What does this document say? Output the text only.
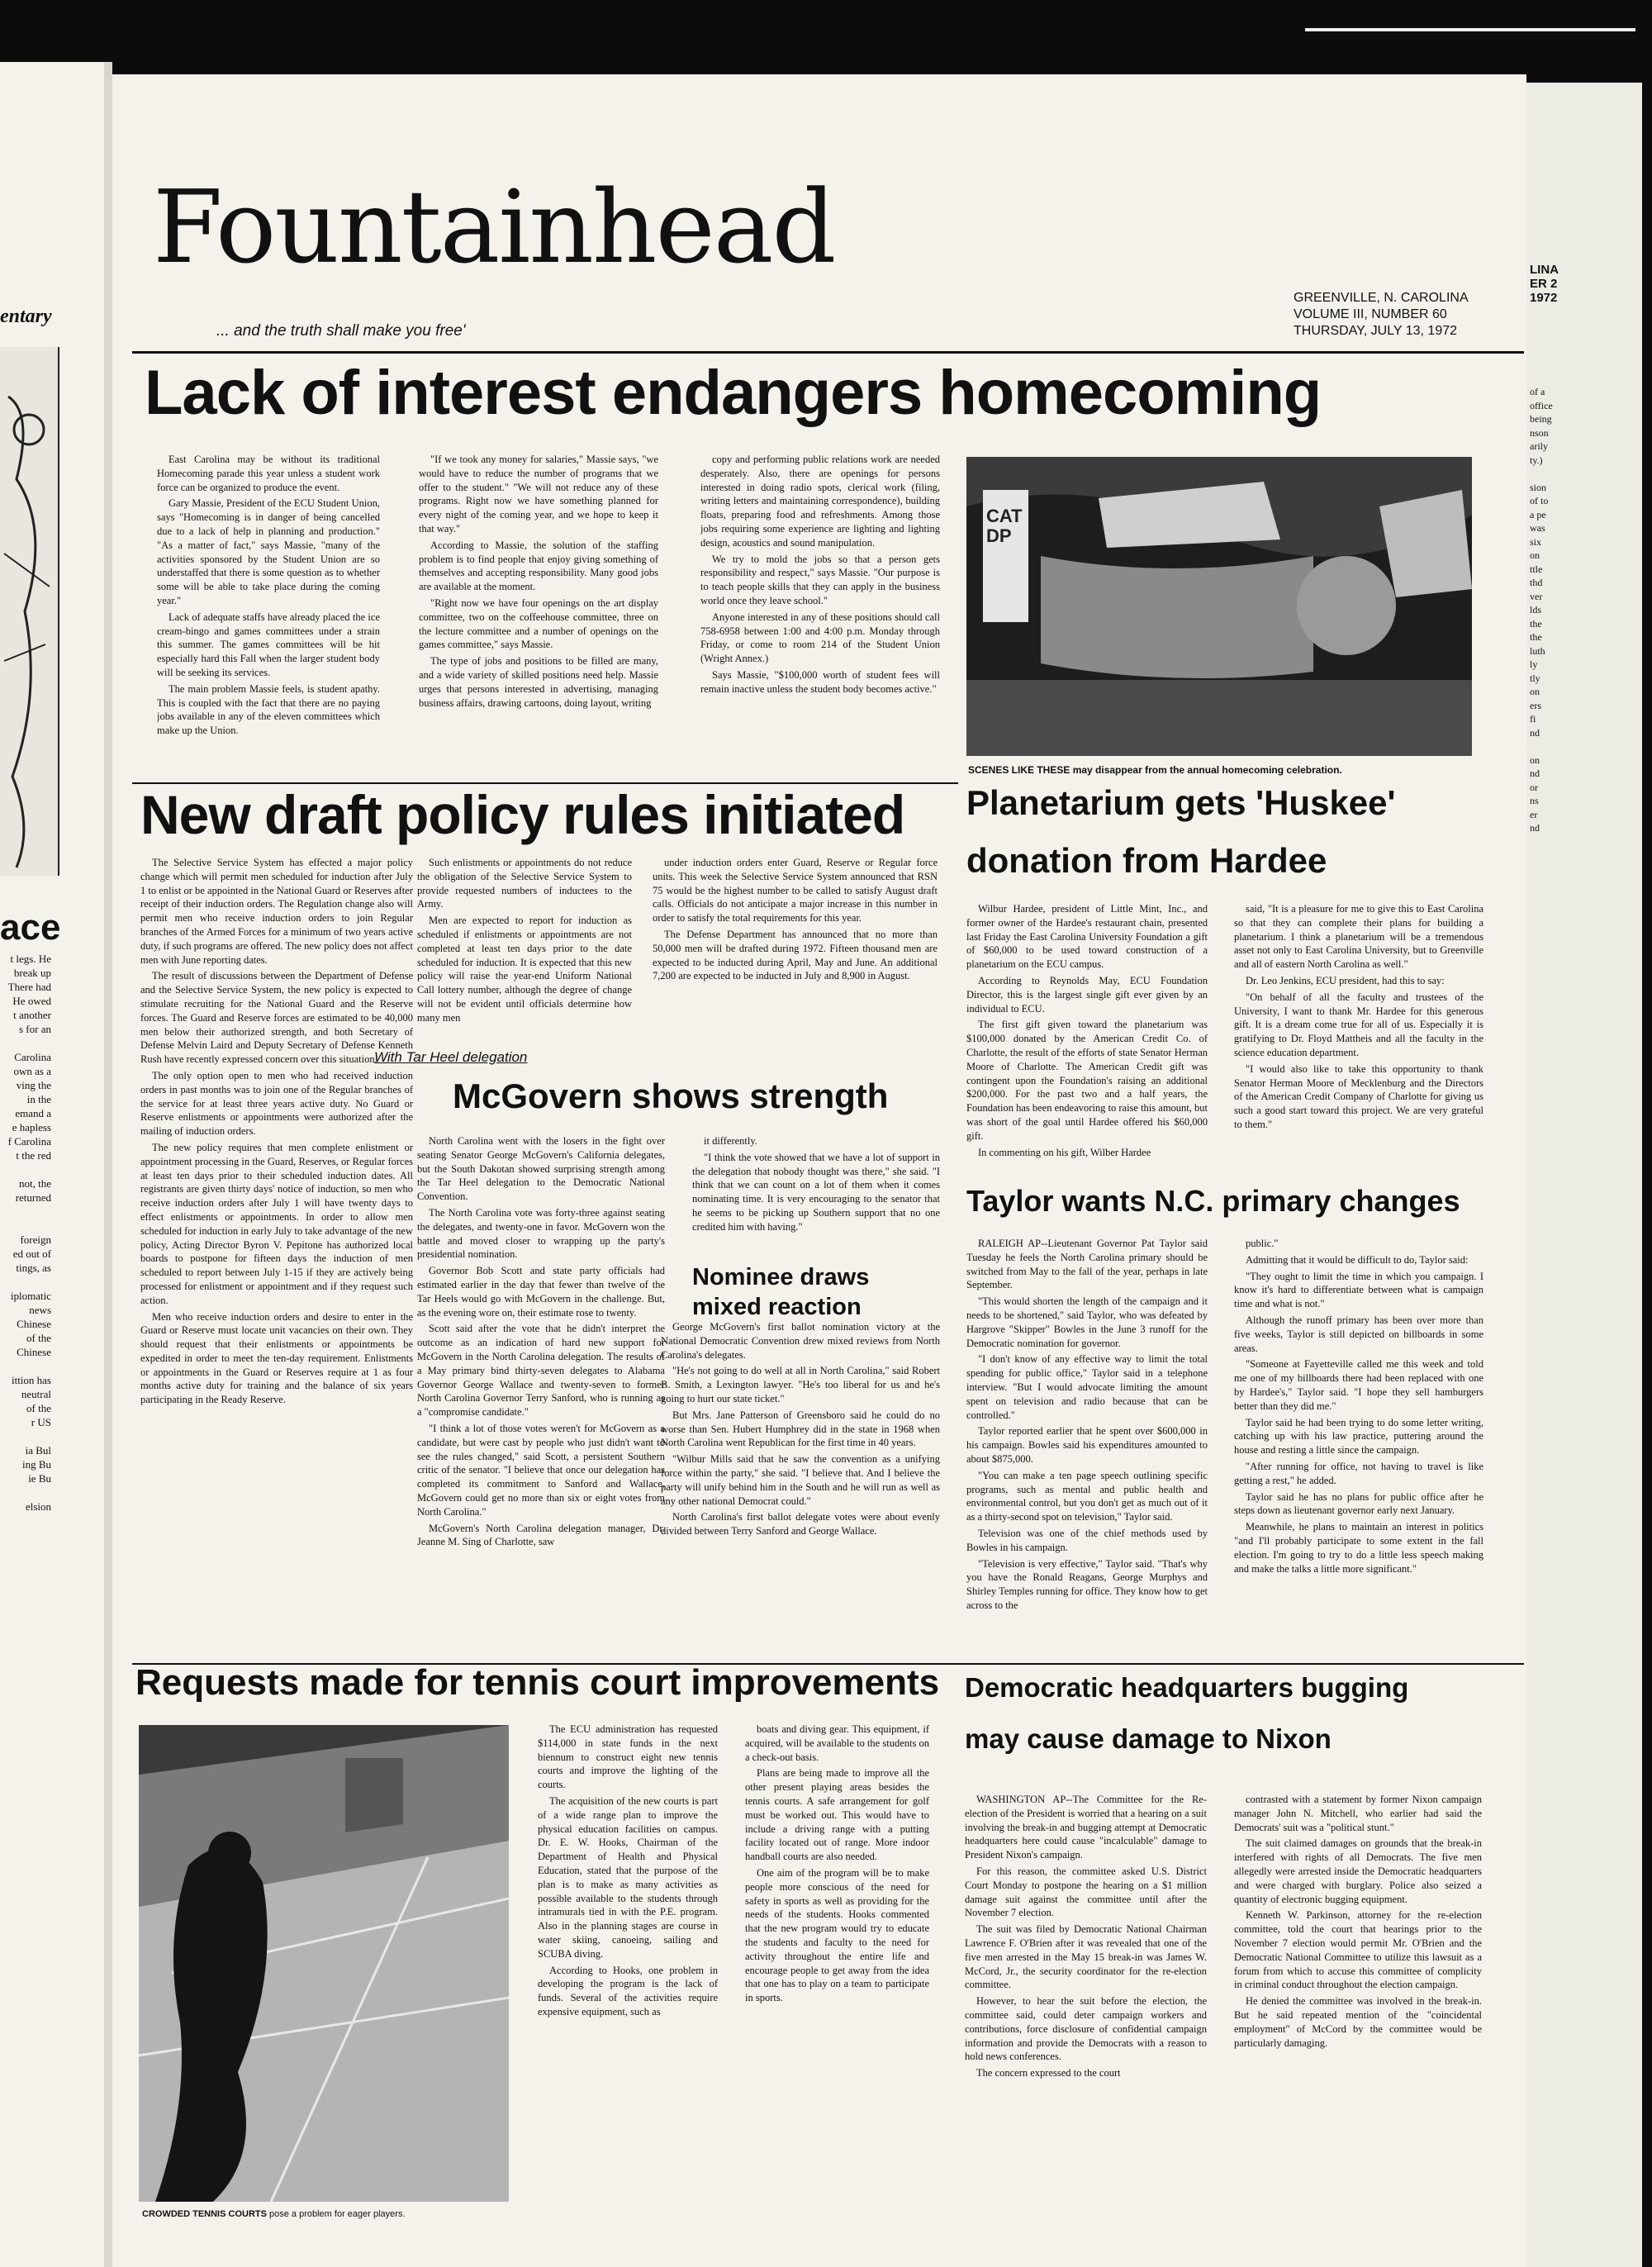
entary
ace
t legs. He
break up
There had
He owed
t another
s for an

Carolina
own as a
ving the
in the
emand a
e hapless
f Carolina
t the red

not, the
returned

foreign
ed out of
tings, as

iplomatic
news
Chinese
of the
Chinese

ittion has
neutral
of the
r US

ia Bul
ing Bu
ie Bu

elsion
LINA
ER 2
1972
of a
office
being
nson
arily
ty.)

sion
of to
a pe
was
six
on
ttle
thd
ver
lds
the
the
luth
ly
tly
on
ers
fi
nd

on
nd
or
ns
er
nd
Fountainhead
... and the truth shall make you free'
GREENVILLE, N. CAROLINA
VOLUME III, NUMBER 60
THURSDAY, JULY 13, 1972
Lack of interest endangers homecoming

East Carolina may be without its traditional Homecoming parade this year unless a student work force can be organized to produce the event.

Gary Massie, President of the ECU Student Union, says "Homecoming is in danger of being cancelled due to a lack of help in planning and production." "As a matter of fact," says Massie, "many of the activities sponsored by the Student Union are so understaffed that there is some question as to whether some will be able to take place during the coming year."

Lack of adequate staffs have already placed the ice cream-bingo and games committees under a strain this summer. The games committees will be hit especially hard this Fall when the larger student body will be seeking its services.

The main problem Massie feels, is student apathy. This is coupled with the fact that there are no paying jobs available in any of the eleven committees which make up the Union.

"If we took any money for salaries," Massie says, "we would have to reduce the number of programs that we offer to the student." "We will not reduce any of these programs. Right now we have something planned for every night of the coming year, and we hope to keep it that way."

According to Massie, the solution of the staffing problem is to find people that enjoy giving something of themselves and accepting responsibility. Many good jobs are available at the moment.

"Right now we have four openings on the art display committee, two on the coffeehouse committee, three on the lecture committee and a number of openings on the games committee," says Massie.

The type of jobs and positions to be filled are many, and a wide variety of skilled positions need help. Massie urges that persons interested in advertising, managing business affairs, drawing cartoons, doing layout, writing

copy and performing public relations work are needed desperately. Also, there are openings for persons interested in doing radio spots, clerical work (filing, writing letters and maintaining correspondence), building floats, preparing food and refreshments. Among those jobs requiring some experience are lighting and lighting design, acoustics and sound manipulation.

We try to mold the jobs so that a person gets responsibility and respect," says Massie. "Our purpose is to teach people skills that they can apply in the business world once they leave school."

Anyone interested in any of these positions should call 758-6958 between 1:00 and 4:00 p.m. Monday through Friday, or come to room 214 of the Student Union (Wright Annex.)

Says Massie, "$100,000 worth of student fees will remain inactive unless the student body becomes active."

CATDP
SCENES LIKE THESE may disappear from the annual homecoming celebration.
New draft policy rules initiated

The Selective Service System has effected a major policy change which will permit men scheduled for induction after July 1 to enlist or be appointed in the National Guard or Reserves after receipt of their induction orders. The Regulation change also will permit men who receive induction orders to join Regular branches of the Armed Forces for a minimum of two years active duty, if such programs are offered. The new policy does not affect men with June reporting dates.

The result of discussions between the Department of Defense and the Selective Service System, the new policy is expected to stimulate recruiting for the National Guard and the Reserve forces. The Guard and Reserve forces are estimated to be 40,000 men below their authorized strength, and both Secretary of Defense Melvin Laird and Deputy Secretary of Defense Kenneth Rush have recently expressed concern over this situation.

The only option open to men who had received induction orders in past months was to join one of the Regular branches of the service for at least three years active duty. No Guard or Reserve enlistments or appointments were authorized after the mailing of induction orders.

The new policy requires that men complete enlistment or appointment processing in the Guard, Reserves, or Regular forces at least ten days prior to their scheduled induction dates. All registrants are given thirty days' notice of induction, so men who receive induction orders after July 1 will have twenty days to effect enlistments or appointments. In order to allow men scheduled for induction in early July to take advantage of the new policy, Acting Director Byron V. Pepitone has authorized local boards to postpone for fifteen days the induction of men scheduled to report between July 1-15 if they are actively being processed for enlistment or appointment and if they request such action.

Men who receive induction orders and desire to enter in the Guard or Reserve must locate unit vacancies on their own. They should request that their enlistments or appointments be expedited in order to meet the ten-day requirement. Enlistments or appointments in the Guard or Reserves require at 1 as four months active duty for training and the balance of six years participating in the Ready Reserve.

Such enlistments or appointments do not reduce the obligation of the Selective Service System to provide requested numbers of inductees to the Army.

Men are expected to report for induction as scheduled if enlistments or appointments are not completed at least ten days prior to the date scheduled for induction. It is expected that this new policy will raise the year-end Uniform National Call lottery number, although the degree of change will not be evident until officials determine how many men

under induction orders enter Guard, Reserve or Regular force units. This week the Selective Service System announced that RSN 75 would be the highest number to be called to satisfy August draft calls. Officials do not anticipate a major increase in this number in order to satisfy the total requirements for this year.

The Defense Department has announced that no more than 50,000 men will be drafted during 1972. Fifteen thousand men are expected to be inducted during April, May and June. An additional 7,200 are expected to be inducted in July and 8,900 in August.

With Tar Heel delegation
McGovern shows strength

North Carolina went with the losers in the fight over seating Senator George McGovern's California delegates, but the South Dakotan showed surprising strength among the Tar Heel delegation to the Democratic National Convention.

The North Carolina vote was forty-three against seating the delegates, and twenty-one in favor. McGovern won the battle and moved closer to wrapping up the party's presidential nomination.

Governor Bob Scott and state party officials had estimated earlier in the day that fewer than twelve of the Tar Heels would go with McGovern in the challenge. But, as the evening wore on, their estimate rose to twenty.

Scott said after the vote that he didn't interpret the outcome as an indication of hard new support for McGovern in the North Carolina delegation. The results of a May primary bind thirty-seven delegates to Alabama Governor George Wallace and twenty-seven to former North Carolina Governor Terry Sanford, who is running as a "compromise candidate."

"I think a lot of those votes weren't for McGovern as a candidate, but were cast by people who just didn't want to see the rules changed," said Scott, a persistent Southern critic of the senator. "I believe that once our delegation has completed its commitment to Sanford and Wallace, McGovern could get no more than six or eight votes from North Carolina."

McGovern's North Carolina delegation manager, Dr. Jeanne M. Sing of Charlotte, saw

it differently.

"I think the vote showed that we have a lot of support in the delegation that nobody thought was there," she said. "I think that we can count on a lot of them when it comes nominating time. It is very encouraging to the senator that he seems to be picking up Southern support that no one credited him with having."

Nominee draws mixed reaction

George McGovern's first ballot nomination victory at the National Democratic Convention drew mixed reviews from North Carolina's delegates.

"He's not going to do well at all in North Carolina," said Robert B. Smith, a Lexington lawyer. "He's too liberal for us and he's going to hurt our state ticket."

But Mrs. Jane Patterson of Greensboro said he could do no worse than Sen. Hubert Humphrey did in the state in 1968 when North Carolina went Republican for the first time in 40 years.

"Wilbur Mills said that he saw the convention as a unifying force within the party," she said. "I believe that. And I believe the party will unify behind him in the South and he will run as well as any other national Democrat could."

North Carolina's first ballot delegate votes were about evenly divided between Terry Sanford and George Wallace.

Planetarium gets 'Huskee'
donation from Hardee

Wilbur Hardee, president of Little Mint, Inc., and former owner of the Hardee's restaurant chain, presented last Friday the East Carolina University Foundation a gift of $60,000 to be used toward construction of a planetarium on the ECU campus.

According to Reynolds May, ECU Foundation Director, this is the largest single gift ever given by an individual to ECU.

The first gift given toward the planetarium was $100,000 donated by the American Credit Co. of Charlotte, the result of the efforts of state Senator Herman Moore of Charlotte. The American Credit gift was contingent upon the Foundation's raising an additional $200,000. For the past two and a half years, the Foundation has been endeavoring to raise this amount, but was short of the goal until Hardee offered his $60,000 gift.

In commenting on his gift, Wilber Hardee

said, "It is a pleasure for me to give this to East Carolina so that they can complete their plans for building a planetarium. I think a planetarium will be a tremendous asset not only to East Carolina University, but to Greenville and all of eastern North Carolina as well."

Dr. Leo Jenkins, ECU president, had this to say:

"On behalf of all the faculty and trustees of the University, I want to thank Mr. Hardee for this generous gift. It is a dream come true for all of us. Especially it is gratifying to Dr. Floyd Mattheis and all the faculty in the science education department.

"I would also like to take this opportunity to thank Senator Herman Moore of Mecklenburg and the Directors of the American Credit Company of Charlotte for giving us such a good start toward this project. We are very grateful to them."

Taylor wants N.C. primary changes

RALEIGH AP--Lieutenant Governor Pat Taylor said Tuesday he feels the North Carolina primary should be switched from May to the fall of the year, perhaps in late September.

"This would shorten the length of the campaign and it needs to be shortened," said Taylor, who was defeated by Hargrove "Skipper" Bowles in the June 3 runoff for the Democratic nomination for governor.

"I don't know of any effective way to limit the total spending for public office," Taylor said in a telephone interview. "But I would advocate limiting the amount spent on television and radio because that can be controlled."

Taylor reported earlier that he spent over $600,000 in his campaign. Bowles said his expenditures amounted to about $875,000.

"You can make a ten page speech outlining specific programs, such as mental and public health and environmental control, but you don't get as much out of it as a thirty-second spot on television," Taylor said.

Television was one of the chief methods used by Bowles in his campaign.

"Television is very effective," Taylor said. "That's why you have the Ronald Reagans, George Murphys and Shirley Temples running for office. They know how to get across to the

public."

Admitting that it would be difficult to do, Taylor said:

"They ought to limit the time in which you campaign. I know it's hard to differentiate between what is campaign time and what is not."

Although the runoff primary has been over more than five weeks, Taylor is still depicted on billboards in some areas.

"Someone at Fayetteville called me this week and told me one of my billboards there had been replaced with one by Hardee's," Taylor said. "I hope they sell hamburgers better than they did me."

Taylor said he had been trying to do some letter writing, catching up with his law practice, puttering around the house and resting a little since the campaign.

"After running for office, not having to travel is like getting a rest," he added.

Taylor said he has no plans for public office after he steps down as lieutenant governor early next January.

Meanwhile, he plans to maintain an interest in politics "and I'll probably participate to some extent in the fall election. I'm going to try to do a little less speech making and make the talks a little more significant."

Requests made for tennis court improvements
CROWDED TENNIS COURTS pose a problem for eager players.

The ECU administration has requested $114,000 in state funds in the next biennum to construct eight new tennis courts and improve the lighting of the courts.

The acquisition of the new courts is part of a wide range plan to improve the physical education facilities on campus. Dr. E. W. Hooks, Chairman of the Department of Health and Physical Education, stated that the purpose of the plan is to make as many activities as possible available to the students through intramurals tied in with the P.E. program. Also in the planning stages are course in water skiing, canoeing, sailing and SCUBA diving.

According to Hooks, one problem in developing the program is the lack of funds. Several of the activities require expensive equipment, such as

boats and diving gear. This equipment, if acquired, will be available to the students on a check-out basis.

Plans are being made to improve all the other present playing areas besides the tennis courts. A safe arrangement for golf must be worked out. This would have to include a driving range with a putting facility located out of range. More indoor handball courts are also needed.

One aim of the program will be to make people more conscious of the need for safety in sports as well as providing for the needs of the students. Hooks commented that the new program would try to educate the students and faculty to the need for activity throughout the entire life and encourage people to get away from the idea that one has to play on a team to participate in sports.

Democratic headquarters bugging
may cause damage to Nixon

WASHINGTON AP--The Committee for the Re-election of the President is worried that a hearing on a suit involving the break-in and bugging attempt at Democratic headquarters here could cause "incalculable" damage to President Nixon's campaign.

For this reason, the committee asked U.S. District Court Monday to postpone the hearing on a $1 million damage suit against the committee until after the November 7 election.

The suit was filed by Democratic National Chairman Lawrence F. O'Brien after it was revealed that one of the five men arrested in the May 15 break-in was James W. McCord, Jr., the security coordinator for the re-election committee.

However, to hear the suit before the election, the committee said, could deter campaign workers and contributions, force disclosure of confidential campaign information and provide the Democrats with a reason to hold news conferences.

The concern expressed to the court

contrasted with a statement by former Nixon campaign manager John N. Mitchell, who earlier had said the Democrats' suit was a "political stunt."

The suit claimed damages on grounds that the break-in interfered with rights of all Democrats. The five men allegedly were arrested inside the Democratic headquarters and were charged with burglary. Police also seized a quantity of electronic bugging equipment.

Kenneth W. Parkinson, attorney for the re-election committee, told the court that hearings prior to the November 7 election would permit Mr. O'Brien and the Democratic National Committee to utilize this lawsuit as a forum from which to accuse this committee of complicity in criminal conduct throughout the election campaign.

He denied the committee was involved in the break-in. But he said repeated mention of the "coincidental employment" of McCord by the committee would be particularly damaging.
